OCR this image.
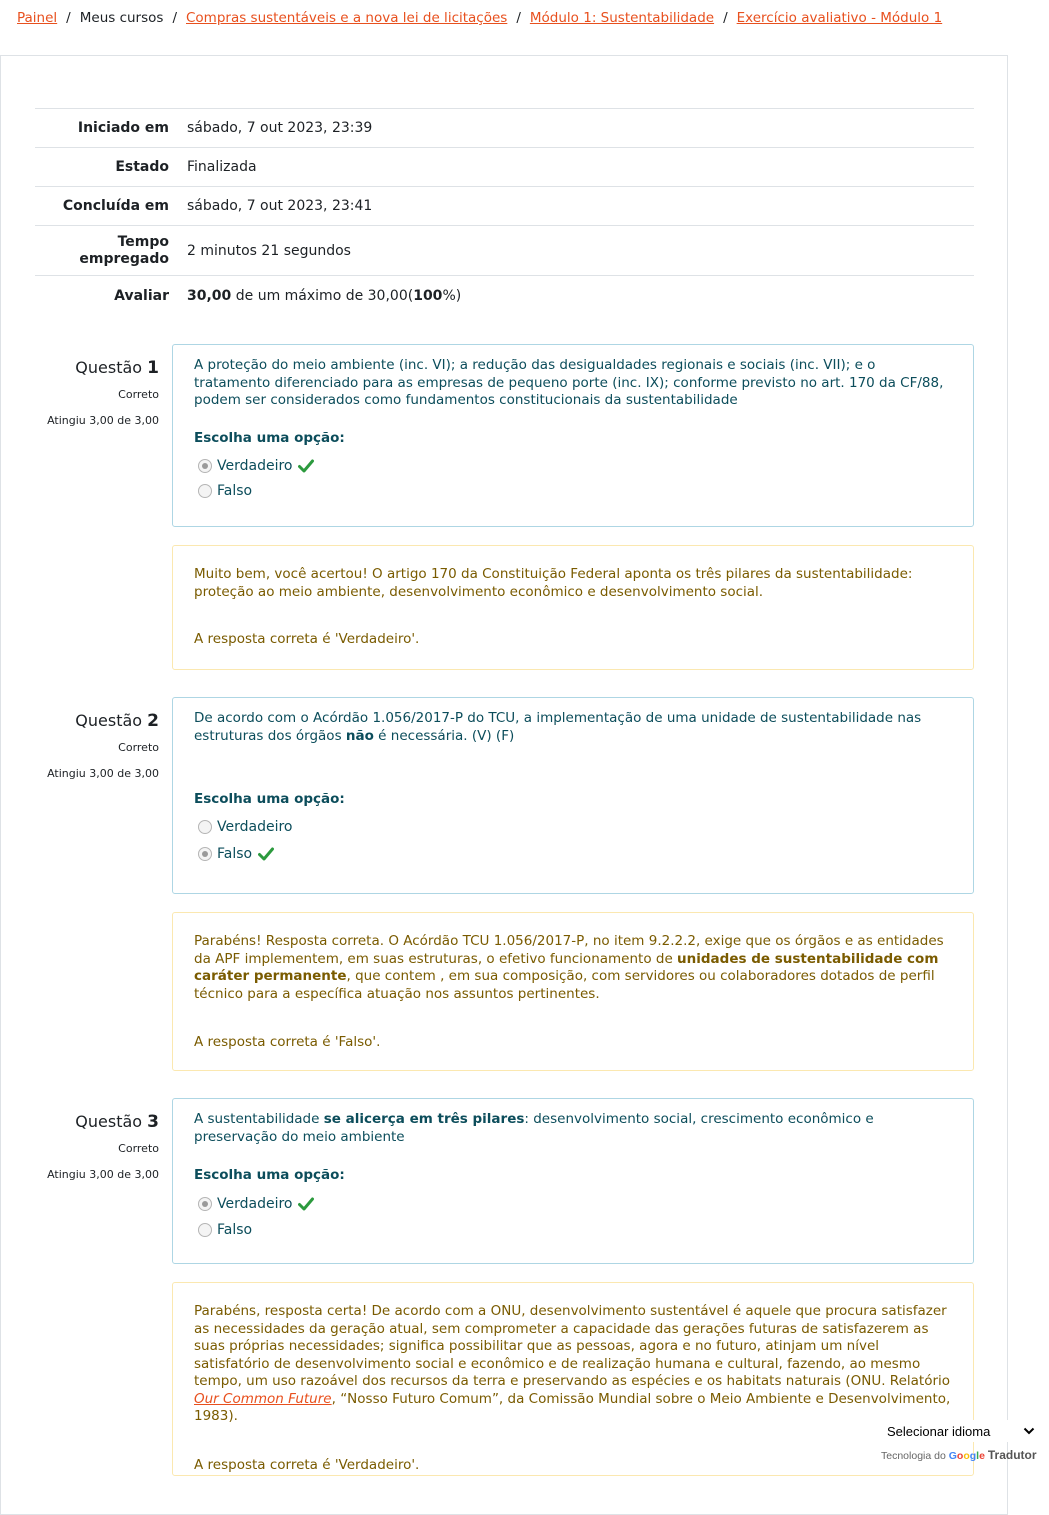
Painel / Meus cursos / Compras sustentáveis e a nova lei de licitações / Módulo 1: Sustentabilidade / Exercício avaliativo - Módulo 1
Iniciado em	sábado, 7 out 2023, 23:39
Estado	Finalizada
Concluída em	sábado, 7 out 2023, 23:41
Tempo
empregado	2 minutos 21 segundos
Avaliar	30,00 de um máximo de 30,00(100%)
Questão 1
Correto
Atingiu 3,00 de 3,00
A proteção do meio ambiente (inc. VI); a redução das desigualdades regionais e sociais (inc. VII); e o tratamento diferenciado para as empresas de pequeno porte (inc. IX); conforme previsto no art. 170 da CF/88, podem ser considerados como fundamentos constitucionais da sustentabilidade
Escolha uma opção:
Verdadeiro
Falso
Muito bem, você acertou! O artigo 170 da Constituição Federal aponta os três pilares da sustentabilidade: proteção ao meio ambiente, desenvolvimento econômico e desenvolvimento social.
A resposta correta é 'Verdadeiro'.
Questão 2
Correto
Atingiu 3,00 de 3,00
De acordo com o Acórdão 1.056/2017-P do TCU, a implementação de uma unidade de sustentabilidade nas estruturas dos órgãos não é necessária. (V) (F)
Escolha uma opção:
Verdadeiro
Falso
Parabéns! Resposta correta. O Acórdão TCU 1.056/2017-P, no item 9.2.2.2, exige que os órgãos e as entidades da APF implementem, em suas estruturas, o efetivo funcionamento de unidades de sustentabilidade com caráter permanente, que contem , em sua composição, com servidores ou colaboradores dotados de perfil técnico para a específica atuação nos assuntos pertinentes.
A resposta correta é 'Falso'.
Questão 3
Correto
Atingiu 3,00 de 3,00
A sustentabilidade se alicerça em três pilares: desenvolvimento social, crescimento econômico e preservação do meio ambiente
Escolha uma opção:
Verdadeiro
Falso
Parabéns, resposta certa! De acordo com a ONU, desenvolvimento sustentável é aquele que procura satisfazer as necessidades da geração atual, sem comprometer a capacidade das gerações futuras de satisfazerem as suas próprias necessidades; significa possibilitar que as pessoas, agora e no futuro, atinjam um nível satisfatório de desenvolvimento social e econômico e de realização humana e cultural, fazendo, ao mesmo tempo, um uso razoável dos recursos da terra e preservando as espécies e os habitats naturais (ONU. Relatório Our Common Future, “Nosso Futuro Comum”, da Comissão Mundial sobre o Meio Ambiente e Desenvolvimento, 1983).
A resposta correta é 'Verdadeiro'.
Selecionar idioma
Tecnologia do Google Tradutor
